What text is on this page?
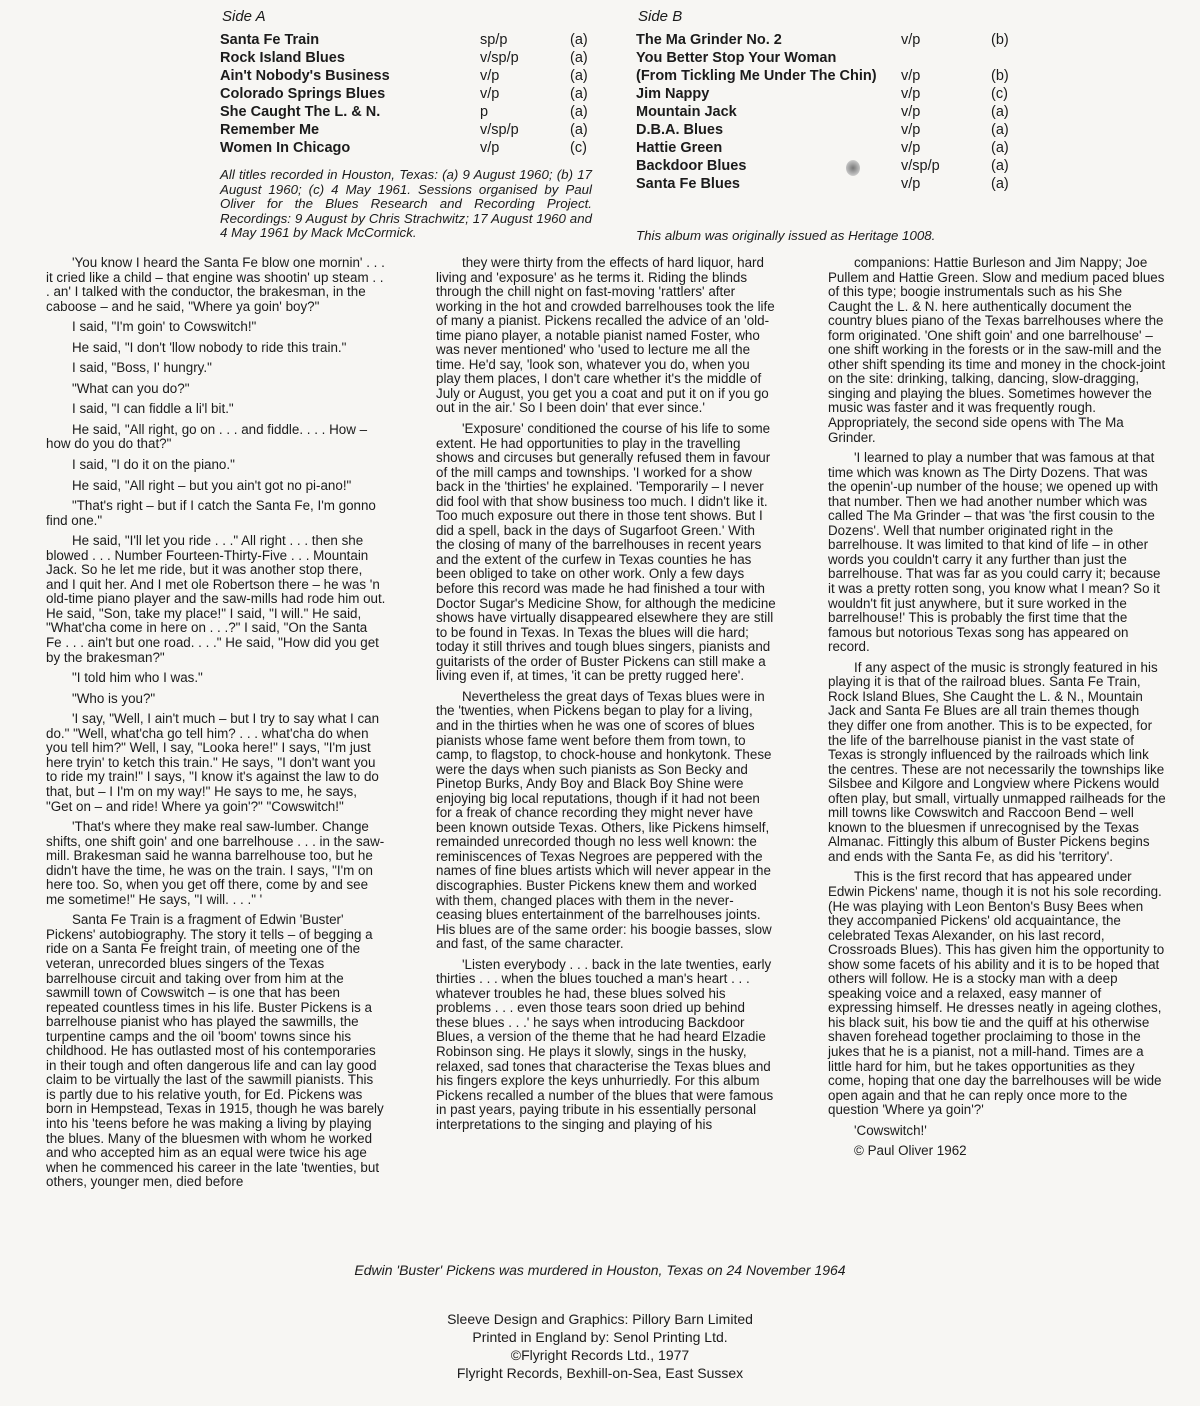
Side A
Santa Fe Train	sp/p	(a)
Rock Island Blues	v/sp/p	(a)
Ain't Nobody's Business	v/p	(a)
Colorado Springs Blues	v/p	(a)
She Caught The L. & N.	p	(a)
Remember Me	v/sp/p	(a)
Women In Chicago	v/p	(c)
Side B
The Ma Grinder No. 2	v/p	(b)
You Better Stop Your Woman
(From Tickling Me Under The Chin)	v/p	(b)
Jim Nappy	v/p	(c)
Mountain Jack	v/p	(a)
D.B.A. Blues	v/p	(a)
Hattie Green	v/p	(a)
Backdoor Blues	v/sp/p	(a)
Santa Fe Blues	v/p	(a)

All titles recorded in Houston, Texas: (a) 9 August 1960; (b) 17 August 1960; (c) 4 May 1961. Sessions organised by Paul Oliver for the Blues Research and Recording Project. Recordings: 9 August by Chris Strachwitz; 17 August 1960 and 4 May 1961 by Mack McCormick.	This album was originally issued as Heritage 1008.

'You know I heard the Santa Fe blow one mornin' . . . it cried like a child – that engine was shootin' up steam . . . an' I talked with the conductor, the brakesman, in the caboose – and he said, "Where ya goin' boy?"

I said, "I'm goin' to Cowswitch!"

He said, "I don't 'llow nobody to ride this train."

I said, "Boss, I' hungry."

"What can you do?"

I said, "I can fiddle a li'l bit."

He said, "All right, go on . . . and fiddle. . . . How – how do you do that?"

I said, "I do it on the piano."

He said, "All right – but you ain't got no pi-ano!"

"That's right – but if I catch the Santa Fe, I'm gonno find one."

He said, "I'll let you ride . . ." All right . . . then she blowed . . . Number Fourteen-Thirty-Five . . . Mountain Jack. So he let me ride, but it was another stop there, and I quit her. And I met ole Robertson there – he was 'n old-time piano player and the saw-mills had rode him out. He said, "Son, take my place!" I said, "I will." He said, "What'cha come in here on . . .?" I said, "On the Santa Fe . . . ain't but one road. . . ." He said, "How did you get by the brakesman?"

"I told him who I was."

"Who is you?"

'I say, "Well, I ain't much – but I try to say what I can do." "Well, what'cha go tell him? . . . what'cha do when you tell him?" Well, I say, "Looka here!" I says, "I'm just here tryin' to ketch this train." He says, "I don't want you to ride my train!" I says, "I know it's against the law to do that, but – I I'm on my way!" He says to me, he says, "Get on – and ride! Where ya goin'?" "Cowswitch!"

'That's where they make real saw-lumber. Change shifts, one shift goin' and one barrelhouse . . . in the saw-mill. Brakesman said he wanna barrelhouse too, but he didn't have the time, he was on the train. I says, "I'm on here too. So, when you get off there, come by and see me sometime!" He says, "I will. . . ." '

Santa Fe Train is a fragment of Edwin 'Buster' Pickens' autobiography. The story it tells – of begging a ride on a Santa Fe freight train, of meeting one of the veteran, unrecorded blues singers of the Texas barrelhouse circuit and taking over from him at the sawmill town of Cowswitch – is one that has been repeated countless times in his life. Buster Pickens is a barrelhouse pianist who has played the sawmills, the turpentine camps and the oil 'boom' towns since his childhood. He has outlasted most of his contemporaries in their tough and often dangerous life and can lay good claim to be virtually the last of the sawmill pianists. This is partly due to his relative youth, for Ed. Pickens was born in Hempstead, Texas in 1915, though he was barely into his 'teens before he was making a living by playing the blues. Many of the bluesmen with whom he worked and who accepted him as an equal were twice his age when he commenced his career in the late 'twenties, but others, younger men, died before

they were thirty from the effects of hard liquor, hard living and 'exposure' as he terms it. Riding the blinds through the chill night on fast-moving 'rattlers' after working in the hot and crowded barrelhouses took the life of many a pianist. Pickens recalled the advice of an 'old-time piano player, a notable pianist named Foster, who was never mentioned' who 'used to lecture me all the time. He'd say, 'look son, whatever you do, when you play them places, I don't care whether it's the middle of July or August, you get you a coat and put it on if you go out in the air.' So I been doin' that ever since.'

'Exposure' conditioned the course of his life to some extent. He had opportunities to play in the travelling shows and circuses but generally refused them in favour of the mill camps and townships. 'I worked for a show back in the 'thirties' he explained. 'Temporarily – I never did fool with that show business too much. I didn't like it. Too much exposure out there in those tent shows. But I did a spell, back in the days of Sugarfoot Green.' With the closing of many of the barrelhouses in recent years and the extent of the curfew in Texas counties he has been obliged to take on other work. Only a few days before this record was made he had finished a tour with Doctor Sugar's Medicine Show, for although the medicine shows have virtually disappeared elsewhere they are still to be found in Texas. In Texas the blues will die hard; today it still thrives and tough blues singers, pianists and guitarists of the order of Buster Pickens can still make a living even if, at times, 'it can be pretty rugged here'.

Nevertheless the great days of Texas blues were in the 'twenties, when Pickens began to play for a living, and in the thirties when he was one of scores of blues pianists whose fame went before them from town, to camp, to flagstop, to chock-house and honkytonk. These were the days when such pianists as Son Becky and Pinetop Burks, Andy Boy and Black Boy Shine were enjoying big local reputations, though if it had not been for a freak of chance recording they might never have been known outside Texas. Others, like Pickens himself, remainded unrecorded though no less well known: the reminiscences of Texas Negroes are peppered with the names of fine blues artists which will never appear in the discographies. Buster Pickens knew them and worked with them, changed places with them in the never-ceasing blues entertainment of the barrelhouses joints. His blues are of the same order: his boogie basses, slow and fast, of the same character.

'Listen everybody . . . back in the late twenties, early thirties . . . when the blues touched a man's heart . . . whatever troubles he had, these blues solved his problems . . . even those tears soon dried up behind these blues . . .' he says when introducing Backdoor Blues, a version of the theme that he had heard Elzadie Robinson sing. He plays it slowly, sings in the husky, relaxed, sad tones that characterise the Texas blues and his fingers explore the keys unhurriedly. For this album Pickens recalled a number of the blues that were famous in past years, paying tribute in his essentially personal interpretations to the singing and playing of his

companions: Hattie Burleson and Jim Nappy; Joe Pullem and Hattie Green. Slow and medium paced blues of this type; boogie instrumentals such as his She Caught the L. & N. here authentically document the country blues piano of the Texas barrelhouses where the form originated. 'One shift goin' and one barrelhouse' – one shift working in the forests or in the saw-mill and the other shift spending its time and money in the chock-joint on the site: drinking, talking, dancing, slow-dragging, singing and playing the blues. Sometimes however the music was faster and it was frequently rough. Appropriately, the second side opens with The Ma Grinder.

'I learned to play a number that was famous at that time which was known as The Dirty Dozens. That was the openin'-up number of the house; we opened up with that number. Then we had another number which was called The Ma Grinder – that was 'the first cousin to the Dozens'. Well that number originated right in the barrelhouse. It was limited to that kind of life – in other words you couldn't carry it any further than just the barrelhouse. That was far as you could carry it; because it was a pretty rotten song, you know what I mean? So it wouldn't fit just anywhere, but it sure worked in the barrelhouse!' This is probably the first time that the famous but notorious Texas song has appeared on record.

If any aspect of the music is strongly featured in his playing it is that of the railroad blues. Santa Fe Train, Rock Island Blues, She Caught the L. & N., Mountain Jack and Santa Fe Blues are all train themes though they differ one from another. This is to be expected, for the life of the barrelhouse pianist in the vast state of Texas is strongly influenced by the railroads which link the centres. These are not necessarily the townships like Silsbee and Kilgore and Longview where Pickens would often play, but small, virtually unmapped railheads for the mill towns like Cowswitch and Raccoon Bend – well known to the bluesmen if unrecognised by the Texas Almanac. Fittingly this album of Buster Pickens begins and ends with the Santa Fe, as did his 'territory'.

This is the first record that has appeared under Edwin Pickens' name, though it is not his sole recording. (He was playing with Leon Benton's Busy Bees when they accompanied Pickens' old acquaintance, the celebrated Texas Alexander, on his last record, Crossroads Blues). This has given him the opportunity to show some facets of his ability and it is to be hoped that others will follow. He is a stocky man with a deep speaking voice and a relaxed, easy manner of expressing himself. He dresses neatly in ageing clothes, his black suit, his bow tie and the quiff at his otherwise shaven forehead together proclaiming to those in the jukes that he is a pianist, not a mill-hand. Times are a little hard for him, but he takes opportunities as they come, hoping that one day the barrelhouses will be wide open again and that he can reply once more to the question 'Where ya goin'?'

'Cowswitch!'

© Paul Oliver 1962

Edwin 'Buster' Pickens was murdered in Houston, Texas on 24 November 1964

Sleeve Design and Graphics: Pillory Barn Limited
Printed in England by: Senol Printing Ltd.
©Flyright Records Ltd., 1977
Flyright Records, Bexhill-on-Sea, East Sussex
